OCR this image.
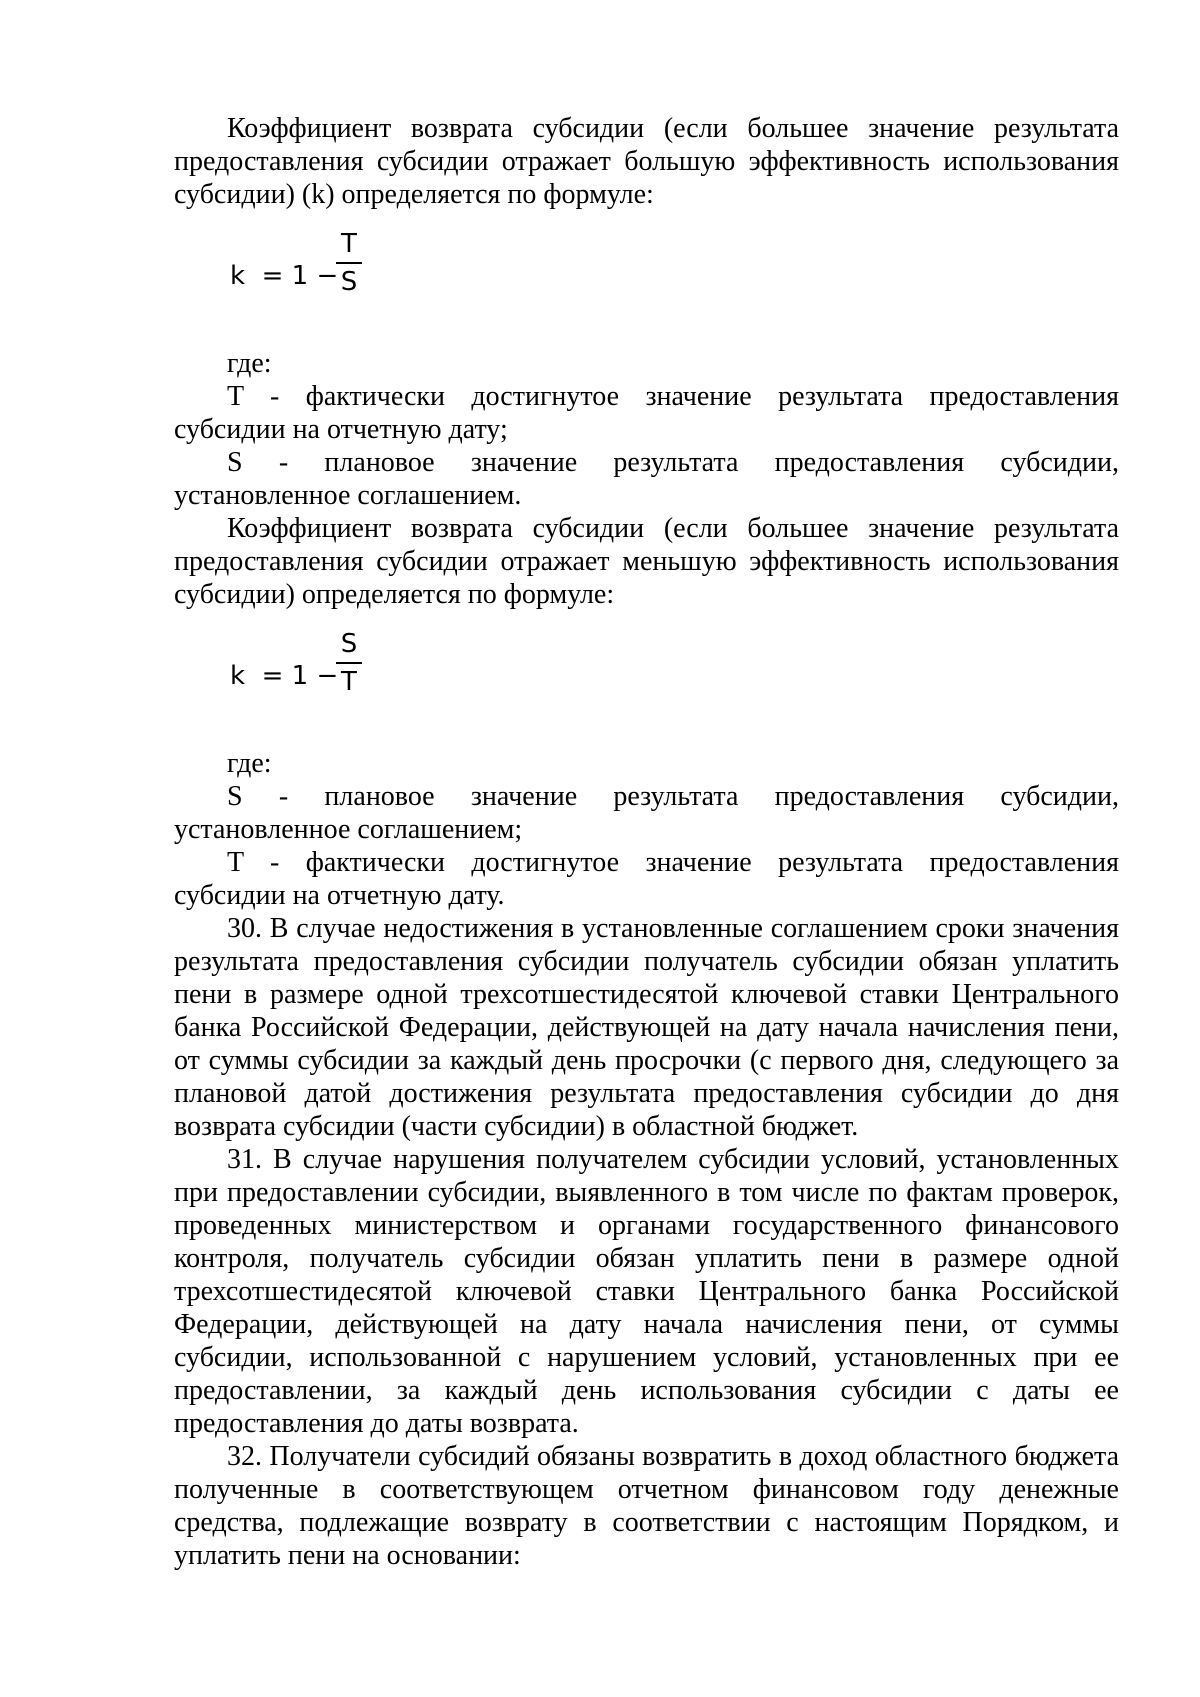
Коэффициент возврата субсидии (если большее значение результата предоставления субсидии отражает большую эффективность использования субсидии) (k) определяется по формуле:

k  = 1 −
T
S

где:

T - фактически достигнутое значение результата предоставления субсидии на отчетную дату;

S - плановое значение результата предоставления субсидии, установленное соглашением.

Коэффициент возврата субсидии (если большее значение результата предоставления субсидии отражает меньшую эффективность использования субсидии) определяется по формуле:

k  = 1 −
S
T

где:

S - плановое значение результата предоставления субсидии, установленное соглашением;

T - фактически достигнутое значение результата предоставления субсидии на отчетную дату.

30. В случае недостижения в установленные соглашением сроки значения результата предоставления субсидии получатель субсидии обязан уплатить пени в размере одной трехсотшестидесятой ключевой ставки Центрального банка Российской Федерации, действующей на дату начала начисления пени, от суммы субсидии за каждый день просрочки (с первого дня, следующего за плановой датой достижения результата предоставления субсидии до дня возврата субсидии (части субсидии) в областной бюджет.

31. В случае нарушения получателем субсидии условий, установленных при предоставлении субсидии, выявленного в том числе по фактам проверок, проведенных министерством и органами государственного финансового контроля, получатель субсидии обязан уплатить пени в размере одной трехсотшестидесятой ключевой ставки Центрального банка Российской Федерации, действующей на дату начала начисления пени, от суммы субсидии, использованной с нарушением условий, установленных при ее предоставлении, за каждый день использования субсидии с даты ее предоставления до даты возврата.

32. Получатели субсидий обязаны возвратить в доход областного бюджета полученные в соответствующем отчетном финансовом году денежные средства, подлежащие возврату в соответствии с настоящим Порядком, и уплатить пени на основании:
